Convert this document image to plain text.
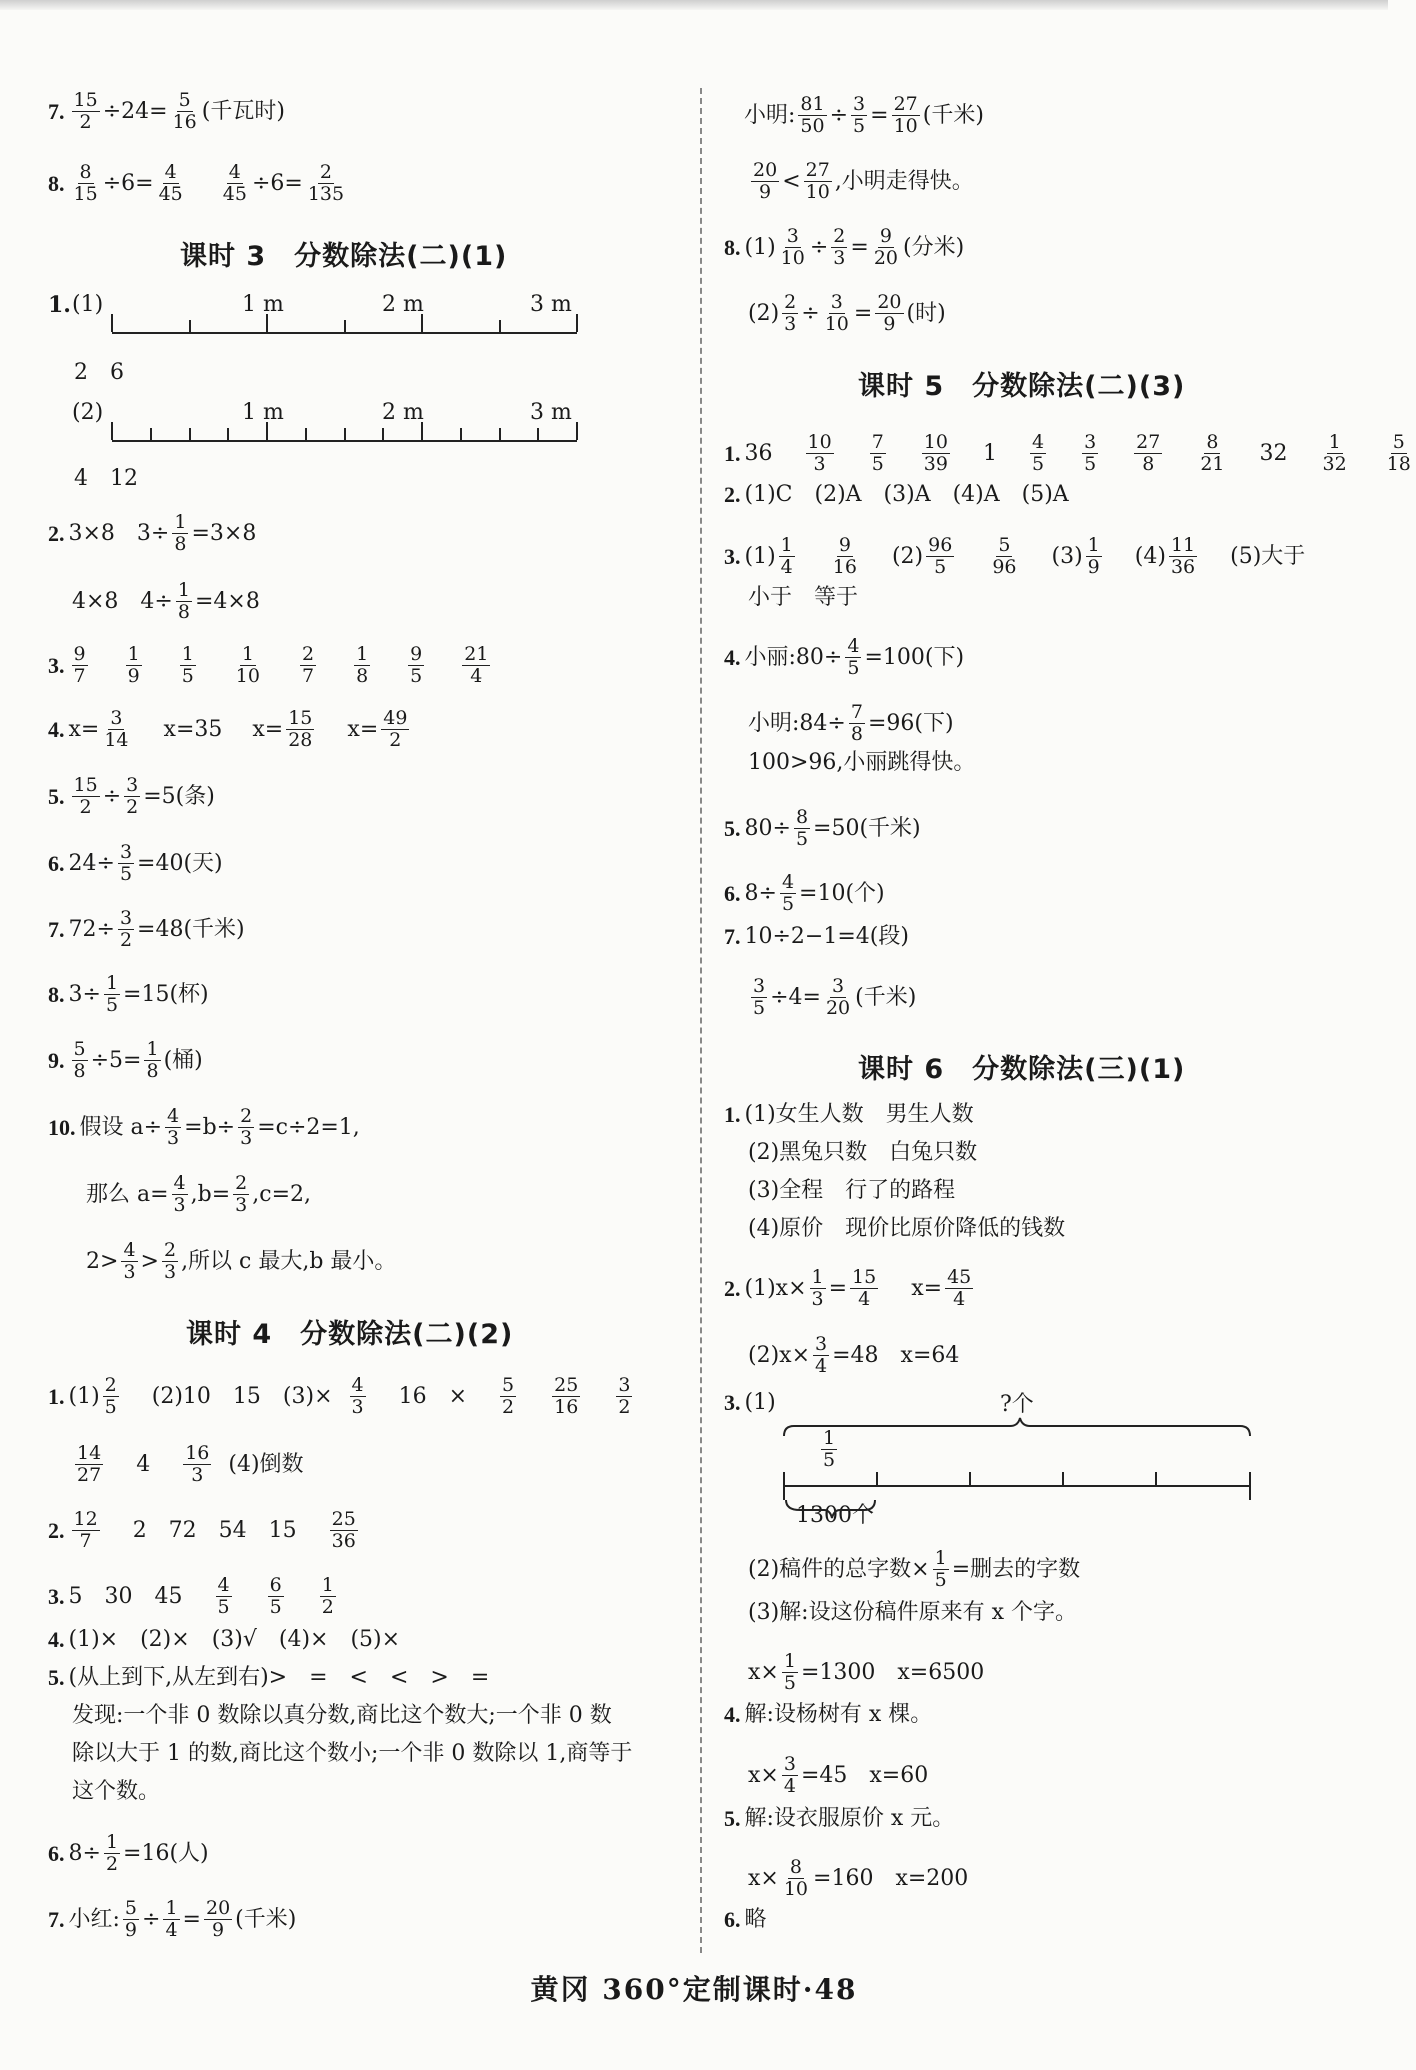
7. $\frac{15}{2} \div 24= \frac{5}{16}$ (千瓦时)
8. $\frac{8}{15} \div 6= \frac{4}{45} \frac{4}{45} \div 6= \frac{2}{135}$
2. 3×8　$3\div \frac{1}{8} =3\times 8$
4×8　$4\div \frac{1}{8} =4\times 8$
3. $\frac{9}{7} \frac{1}{9} \frac{1}{5} \frac{1}{10} \frac{2}{7} \frac{1}{8} \frac{9}{5} \frac{21}{4}$
4. $x= \frac{3}{14} x=35$ $x= \frac{15}{28} x= \frac{49}{2}$
5. $\frac{15}{2} \div \frac{3}{2} =5$(条)
6. $24\div \frac{3}{5} =40$(天)
7. $72\div \frac{3}{2} =48$(千米)
8. $3\div \frac{1}{5} =15$(杯)
9. $\frac{5}{8} \div 5= \frac{1}{8}$ (桶)
10. 假设 $a\div \frac{4}{3} =b\div \frac{2}{3} =c\div 2=1$,
那么 $a= \frac{4}{3} ,b= \frac{2}{3} ,c=2$,
$2> \frac{4}{3} > \frac{2}{3}$ ,所以 c 最大,b 最小。
1. $(1) \frac{2}{5} (2)10$　15　$(3)\times \frac{4}{3} 16$　× $\frac{5}{2} \frac{25}{16} \frac{3}{2}$
$\frac{14}{27} 4 \frac{16}{3} (4)$倒数
2. $\frac{12}{7} 2$　72　54　$15 \frac{25}{36}$
3. 5　30　$45 \frac{4}{5} \frac{6}{5} \frac{1}{2}$
4. (1)×　(2)×　(3)√　(4)×　(5)×
5. (从上到下,从左到右)>　=　<　<　>　=
发现:一个非 0 数除以真分数,商比这个数大;一个非 0 数
除以大于 1 的数,商比这个数小;一个非 0 数除以 1,商等于
这个数。
6. $8\div \frac{1}{2} =16$(人)
7. 小红: $\frac{5}{9} \div \frac{1}{4} = \frac{20}{9}$ (千米)
小明: $\frac{81}{50} \div \frac{3}{5} = \frac{27}{10}$ (千米)
$\frac{20}{9} < \frac{27}{10}$ ,小明走得快。
8. $(1) \frac{3}{10} \div \frac{2}{3} = \frac{9}{20}$ (分米)
$(2) \frac{2}{3} \div \frac{3}{10} = \frac{20}{9}$ (时)
1. $36 \frac{10}{3} \frac{7}{5} \frac{10}{39} 1 \frac{4}{5} \frac{3}{5} \frac{27}{8} \frac{8}{21} 32 \frac{1}{32} \frac{5}{18}$
2. (1)C　(2)A　(3)A　(4)A　(5)A
3. $(1) \frac{1}{4} \frac{9}{16} (2) \frac{96}{5} \frac{5}{96} (3) \frac{1}{9} (4) \frac{11}{36} (5)$大于
小于　等于
4. 小丽:80÷ $\frac{4}{5} =100$(下)
小明:84÷ $\frac{7}{8} =96$(下)
100>96,小丽跳得快。
5. $80\div \frac{8}{5} =50$(千米)
6. $8\div \frac{4}{5} =10$(个)
7. 10÷2−1=4(段)
$\frac{3}{5} \div 4= \frac{3}{20}$ (千米)
1. (1)女生人数　男生人数
(2)黑兔只数　白兔只数
(3)全程　行了的路程
(4)原价　现价比原价降低的钱数
2. $(1)x\times \frac{1}{3} = \frac{15}{4} x= \frac{45}{4}$
$(2)x\times \frac{3}{4} =48$　x=64
3. (1)
(2)稿件的总字数× $\frac{1}{5}$ =删去的字数
(3)解:设这份稿件原来有 x 个字。
$x\times \frac{1}{5} =1300$　x=6500
4. 解:设杨树有 x 棵。
$x\times \frac{3}{4} =45$　x=60
5. 解:设衣服原价 x 元。
$x\times \frac{8}{10} =160$　x=200
6. 略
课时 3　分数除法(二)(1)
课时 4　分数除法(二)(2)
课时 5　分数除法(二)(3)
课时 6　分数除法(三)(1)
1. (1)	1 m	2 m	3 m
2　6
(2)	1 m	2 m	3 m
4　12
?个
$\frac{1}{5}$
1300个
黄冈 360°定制课时·48
